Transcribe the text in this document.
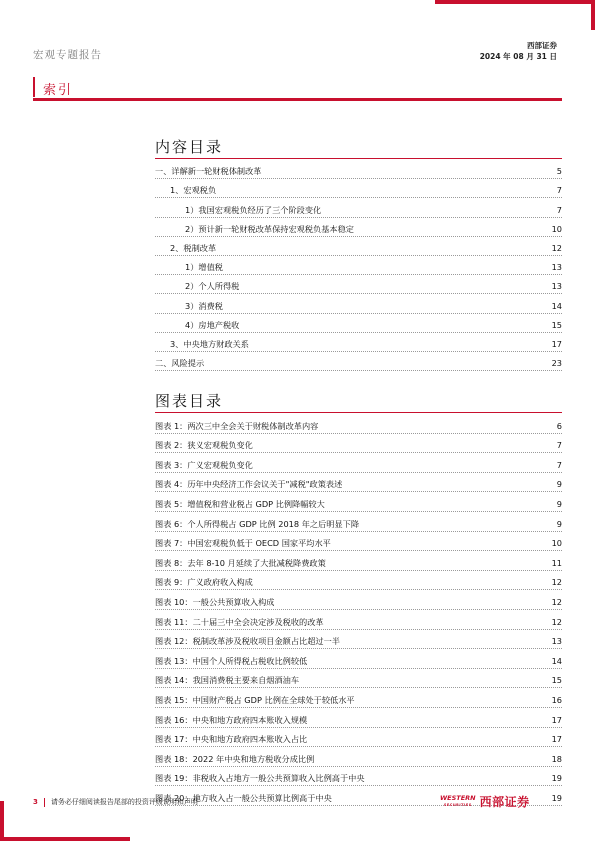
宏观专题报告
西部证券
2024 年 08 月 31 日
索引
内容目录
一、详解新一轮财税体制改革	5
1、宏观税负	7
1）我国宏观税负经历了三个阶段变化	7
2）预计新一轮财税改革保持宏观税负基本稳定	10
2、税制改革	12
1）增值税	13
2）个人所得税	13
3）消费税	14
4）房地产税收	15
3、中央地方财政关系	17
二、风险提示	23
图表目录
图表 1：两次三中全会关于财税体制改革内容	6
图表 2：狭义宏观税负变化	7
图表 3：广义宏观税负变化	7
图表 4：历年中央经济工作会议关于"减税"政策表述	9
图表 5：增值税和营业税占 GDP 比例降幅较大	9
图表 6：个人所得税占 GDP 比例 2018 年之后明显下降	9
图表 7：中国宏观税负低于 OECD 国家平均水平	10
图表 8：去年 8-10 月延续了大批减税降费政策	11
图表 9：广义政府收入构成	12
图表 10：一般公共预算收入构成	12
图表 11：二十届三中全会决定涉及税收的改革	12
图表 12：税制改革涉及税收项目金额占比超过一半	13
图表 13：中国个人所得税占税收比例较低	14
图表 14：我国消费税主要来自烟酒油车	15
图表 15：中国财产税占 GDP 比例在全球处于较低水平	16
图表 16：中央和地方政府四本账收入规模	17
图表 17：中央和地方政府四本账收入占比	17
图表 18：2022 年中央和地方税收分成比例	18
图表 19：非税收入占地方一般公共预算收入比例高于中央	19
图表 20：地方收入占一般公共预算比例高于中央	19
3 请务必仔细阅读报告尾部的投资评级说明和声明
WESTERN
SECURITIES 西部证券
